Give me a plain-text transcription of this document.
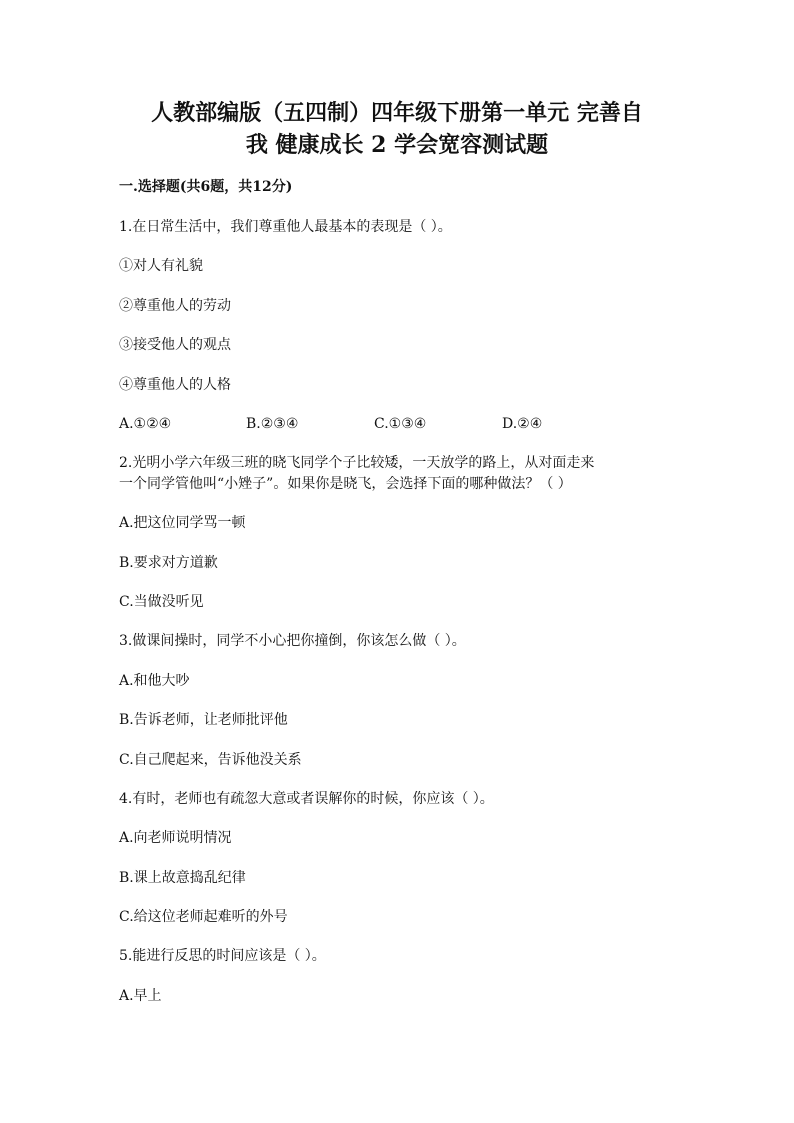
人教部编版（五四制）四年级下册第一单元 完善自
我 健康成长 2 学会宽容测试题
一.选择题(共6题，共12分)
1.在日常生活中，我们尊重他人最基本的表现是（ ）。
①对人有礼貌
②尊重他人的劳动
③接受他人的观点
④尊重他人的人格
A.①②④	B.②③④	C.①③④	D.②④
2.光明小学六年级三班的晓飞同学个子比较矮，一天放学的路上，从对面走来
一个同学管他叫“小矬子”。如果你是晓飞，会选择下面的哪种做法？（ ）
A.把这位同学骂一顿
B.要求对方道歉
C.当做没听见
3.做课间操时，同学不小心把你撞倒，你该怎么做（ ）。
A.和他大吵
B.告诉老师，让老师批评他
C.自己爬起来，告诉他没关系
4.有时，老师也有疏忽大意或者误解你的时候，你应该（ ）。
A.向老师说明情况
B.课上故意捣乱纪律
C.给这位老师起难听的外号
5.能进行反思的时间应该是（ ）。
A.早上
